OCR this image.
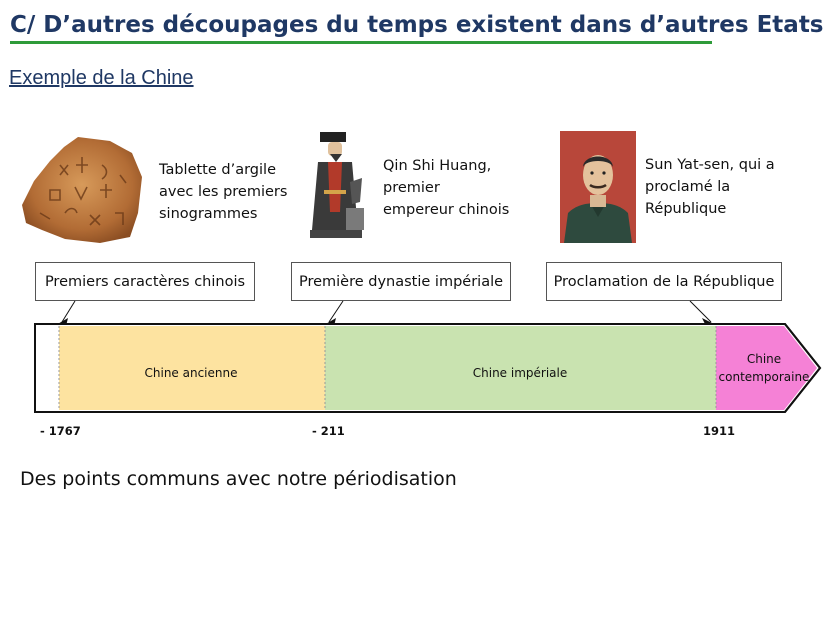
C/ D’autres découpages du temps existent dans d’autres Etats
Exemple de la Chine
Tablette d’argile
avec les premiers
sinogrammes
Qin Shi Huang,
premier
empereur chinois
Sun Yat-sen, qui a
proclamé la
République
Premiers caractères chinois	Première dynastie impériale	Proclamation de la République
Chine ancienne	Chine impériale
Chine
contemporaine
- 1767	- 211	1911
Des points communs avec notre périodisation
